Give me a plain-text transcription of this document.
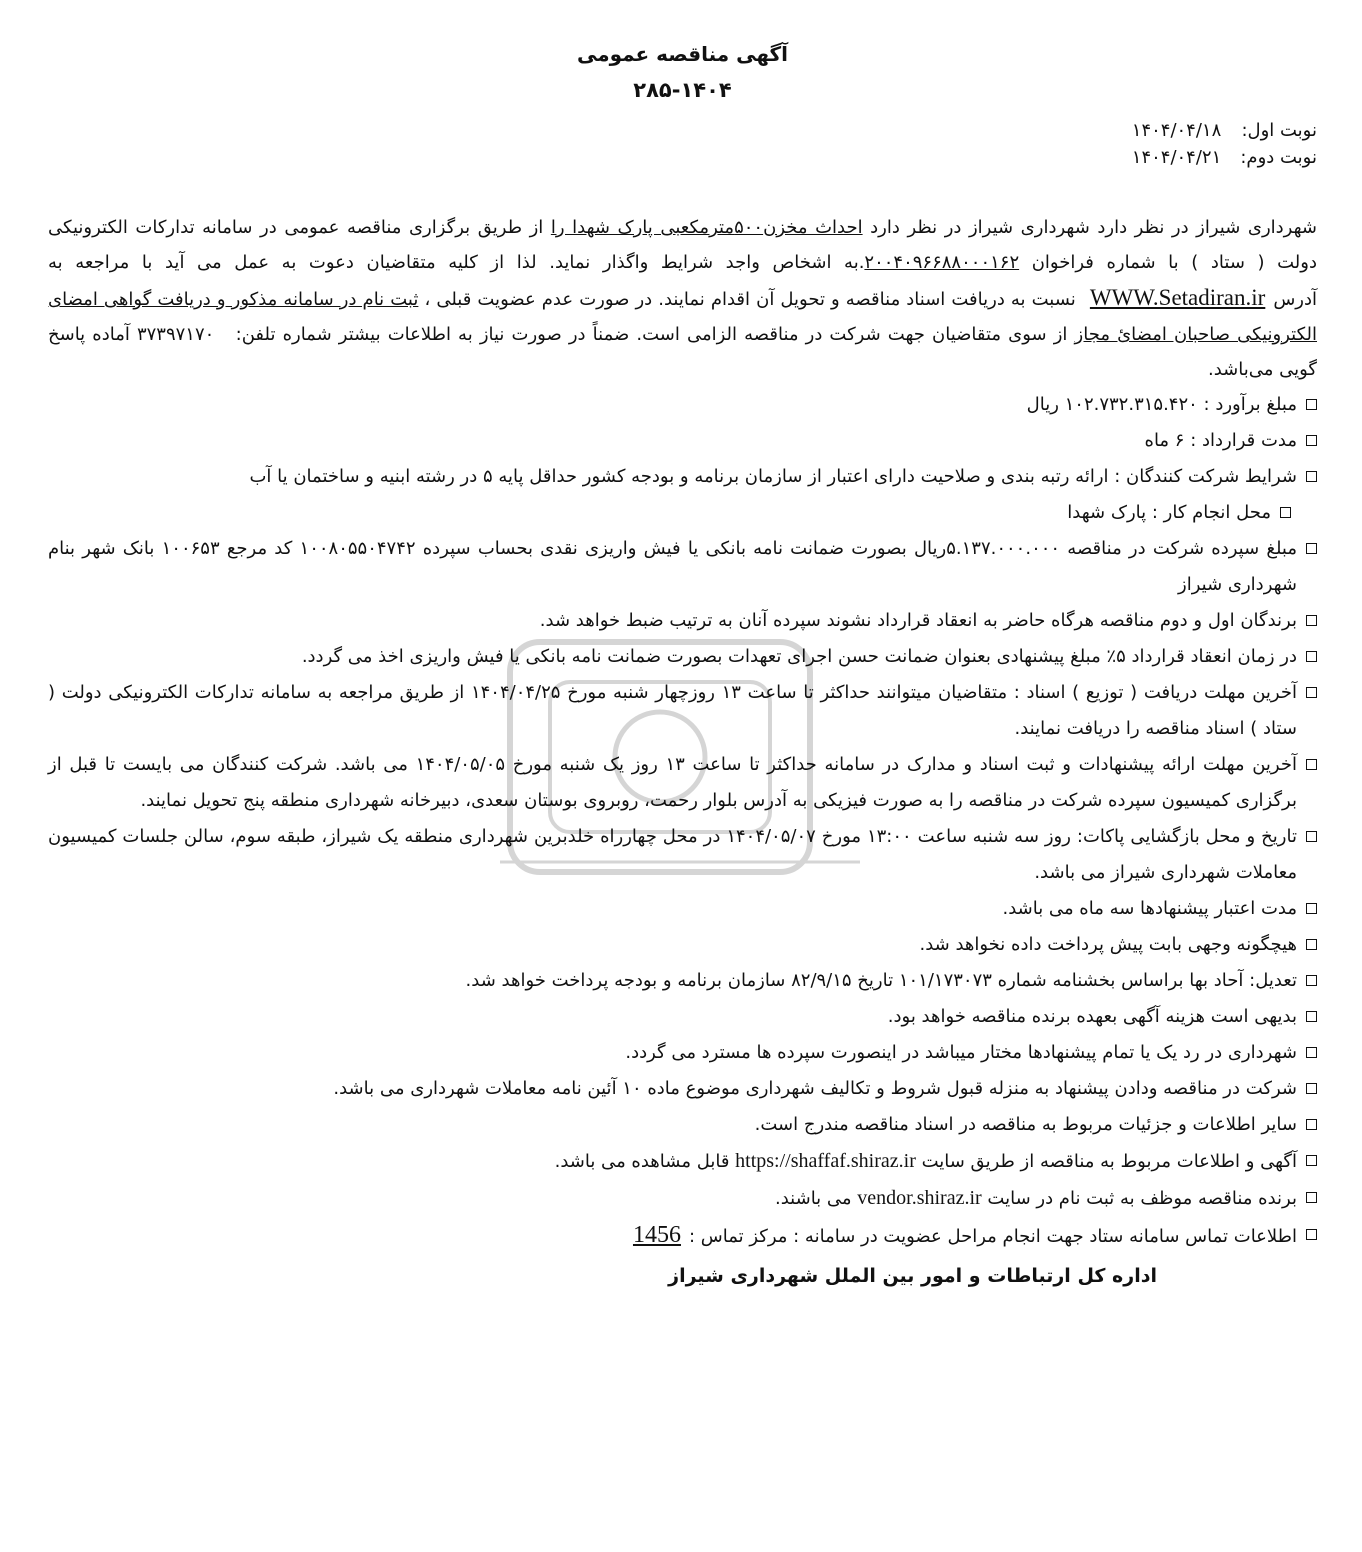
آگهی مناقصه عمومی
۲۸۵-۱۴۰۴
نوبت اول: ۱۴۰۴/۰۴/۱۸
نوبت دوم: ۱۴۰۴/۰۴/۲۱
شهرداری شیراز در نظر دارد شهرداری شیراز در نظر دارد احداث مخزن۵۰۰مترمکعبی پارک شهدا را از طریق برگزاری مناقصه عمومی در سامانه تدارکات الکترونیکی دولت ( ستاد ) با شماره فراخوان ۲۰۰۴۰۹۶۶۸۸۰۰۰۱۶۲.به اشخاص واجد شرایط واگذار نماید. لذا از کلیه متقاضیان دعوت به عمل می آید با مراجعه به آدرسWWW.Setadiran.ir نسبت به دریافت اسناد مناقصه و تحویل آن اقدام نمایند. در صورت عدم عضویت قبلی ، ثبت نام در سامانه مذکور و دریافت گواهی امضای الکترونیکی صاحبان امضائ مجاز از سوی متقاضیان جهت شرکت در مناقصه الزامی است. ضمناً در صورت نیاز به اطلاعات بیشتر شماره تلفن:   ۳۷۳۹۷۱۷۰ آماده پاسخ گویی می‌باشد.
مبلغ برآورد : ۱۰۲.۷۳۲.۳۱۵.۴۲۰ ریال
مدت قرارداد : ۶ ماه
شرایط شرکت کنندگان : ارائه رتبه بندی و صلاحیت دارای اعتبار از سازمان برنامه و بودجه کشور حداقل پایه ۵ در رشته ابنیه و ساختمان یا آب
محل انجام کار : پارک شهدا
مبلغ سپرده شرکت در مناقصه ۵.۱۳۷.۰۰۰.۰۰۰ریال بصورت ضمانت نامه بانکی یا فیش واریزی نقدی بحساب سپرده ۱۰۰۸۰۵۵۰۴۷۴۲ کد مرجع ۱۰۰۶۵۳ بانک شهر بنام شهرداری شیراز
برندگان اول و دوم مناقصه هرگاه حاضر به انعقاد قرارداد نشوند سپرده آنان به ترتیب ضبط خواهد شد.
در زمان انعقاد قرارداد ۵٪ مبلغ پیشنهادی بعنوان ضمانت حسن اجرای تعهدات بصورت ضمانت نامه بانکی یا فیش واریزی اخذ می گردد.
آخرین مهلت دریافت ( توزیع ) اسناد : متقاضیان میتوانند حداکثر تا ساعت ۱۳ روزچهار شنبه مورخ ۱۴۰۴/۰۴/۲۵ از طریق مراجعه به سامانه تدارکات الکترونیکی دولت ( ستاد ) اسناد مناقصه را دریافت نمایند.
آخرین مهلت ارائه پیشنهادات و ثبت اسناد و مدارک در سامانه حداکثر تا ساعت ۱۳ روز یک شنبه مورخ ۱۴۰۴/۰۵/۰۵ می باشد. شرکت کنندگان می بایست تا قبل از برگزاری کمیسیون سپرده شرکت در مناقصه را به صورت فیزیکی به آدرس بلوار رحمت، روبروی بوستان سعدی، دبیرخانه شهرداری منطقه پنج تحویل نمایند.
تاریخ و محل بازگشایی پاکات: روز سه شنبه ساعت ۱۳:۰۰ مورخ ۱۴۰۴/۰۵/۰۷ در محل چهارراه خلدبرین شهرداری منطقه یک شیراز، طبقه سوم، سالن جلسات کمیسیون معاملات شهرداری شیراز می باشد.
مدت اعتبار پیشنهادها سه ماه می باشد.
هیچگونه وجهی بابت پیش پرداخت داده نخواهد شد.
تعدیل: آحاد بها براساس بخشنامه شماره ۱۰۱/۱۷۳۰۷۳ تاریخ ۸۲/۹/۱۵ سازمان برنامه و بودجه پرداخت خواهد شد.
بدیهی است هزینه آگهی بعهده برنده مناقصه خواهد بود.
شهرداری در رد یک یا تمام پیشنهادها مختار میباشد در اینصورت سپرده ها مسترد می گردد.
شرکت در مناقصه ودادن پیشنهاد به منزله قبول شروط و تکالیف شهرداری موضوع ماده ۱۰ آئین نامه معاملات شهرداری می باشد.
سایر اطلاعات و جزئیات مربوط به مناقصه در اسناد مناقصه مندرج است.
آگهی و اطلاعات مربوط به مناقصه از طریق سایت https://shaffaf.shiraz.ir قابل مشاهده می باشد.
برنده مناقصه موظف به ثبت نام در سایت vendor.shiraz.ir می باشند.
اطلاعات تماس سامانه ستاد جهت انجام مراحل عضویت در سامانه : مرکز تماس :1456
اداره کل ارتباطات و امور بین الملل شهرداری شیراز
